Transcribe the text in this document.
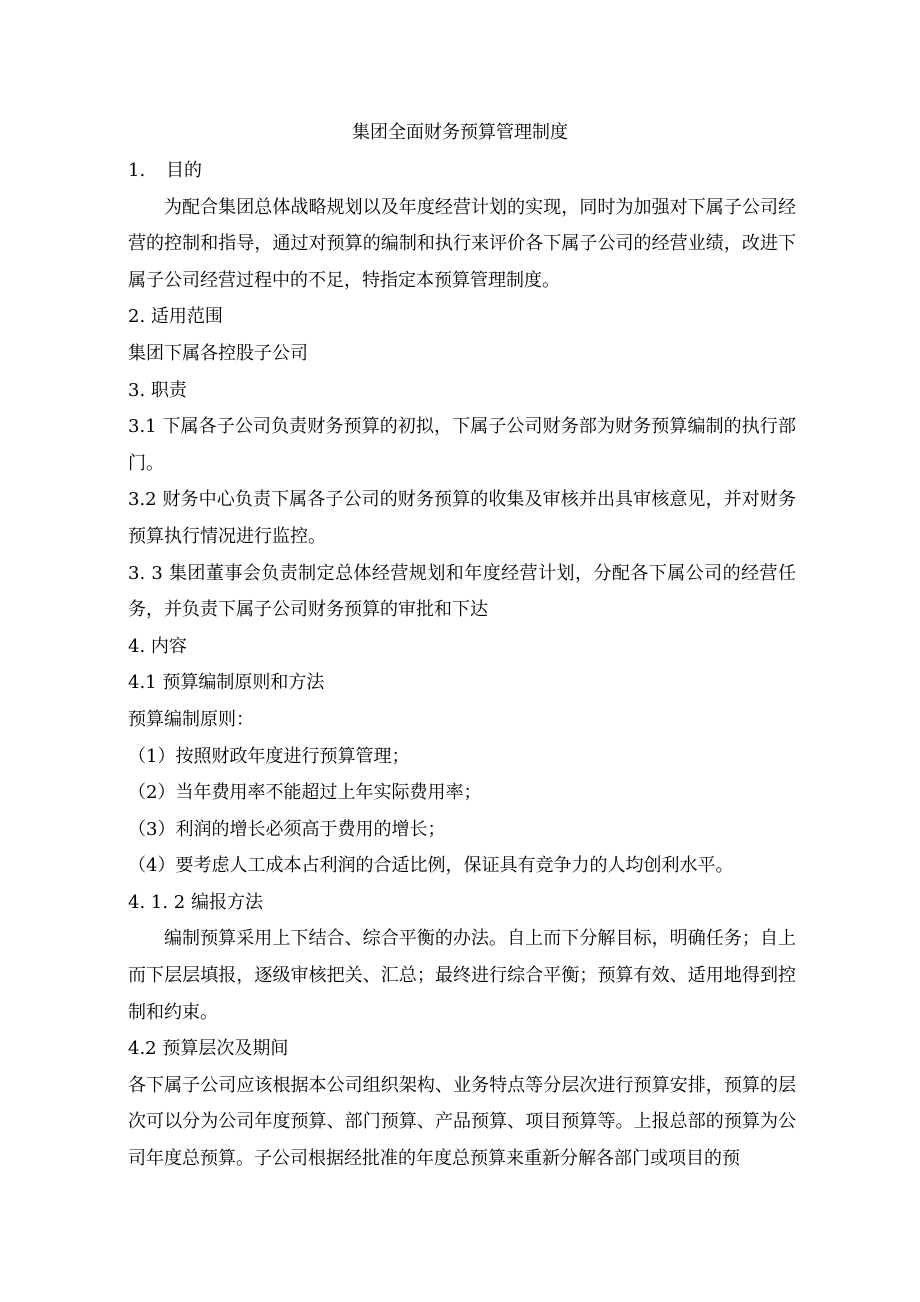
集团全面财务预算管理制度

1. 目的

为配合集团总体战略规划以及年度经营计划的实现，同时为加强对下属子公司经营的控制和指导，通过对预算的编制和执行来评价各下属子公司的经营业绩，改进下属子公司经营过程中的不足，特指定本预算管理制度。

2. 适用范围

集团下属各控股子公司

3. 职责

3.1 下属各子公司负责财务预算的初拟，下属子公司财务部为财务预算编制的执行部门。

3.2 财务中心负责下属各子公司的财务预算的收集及审核并出具审核意见，并对财务预算执行情况进行监控。

3. 3 集团董事会负责制定总体经营规划和年度经营计划，分配各下属公司的经营任务，并负责下属子公司财务预算的审批和下达

4. 内容

4.1 预算编制原则和方法

预算编制原则：

（1）按照财政年度进行预算管理；

（2）当年费用率不能超过上年实际费用率；

（3）利润的增长必须高于费用的增长；

（4）要考虑人工成本占利润的合适比例，保证具有竞争力的人均创利水平。

4. 1. 2 编报方法

编制预算采用上下结合、综合平衡的办法。自上而下分解目标，明确任务；自上而下层层填报，逐级审核把关、汇总；最终进行综合平衡；预算有效、适用地得到控制和约束。

4.2 预算层次及期间

各下属子公司应该根据本公司组织架构、业务特点等分层次进行预算安排，预算的层次可以分为公司年度预算、部门预算、产品预算、项目预算等。上报总部的预算为公司年度总预算。子公司根据经批准的年度总预算来重新分解各部门或项目的预
